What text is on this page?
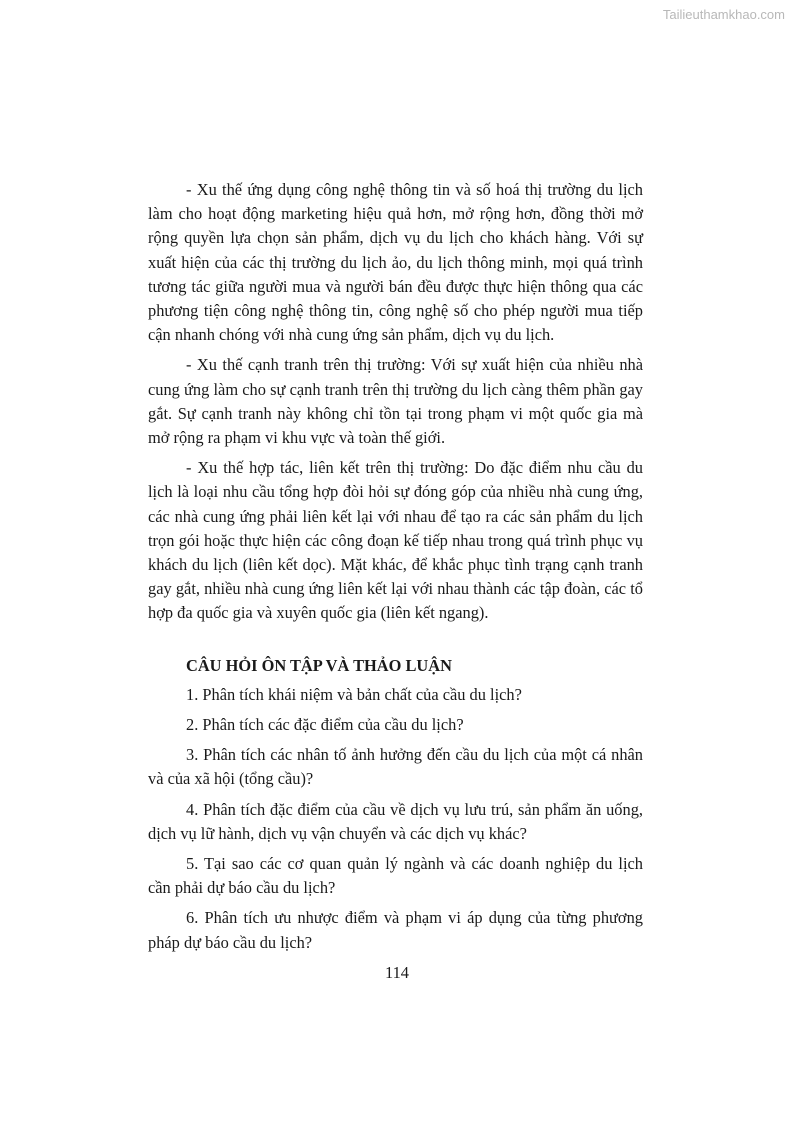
Tailieuthamkhao.com

- Xu thế ứng dụng công nghệ thông tin và số hoá thị trường du lịch làm cho hoạt động marketing hiệu quả hơn, mở rộng hơn, đồng thời mở rộng quyền lựa chọn sản phẩm, dịch vụ du lịch cho khách hàng. Với sự xuất hiện của các thị trường du lịch ảo, du lịch thông minh, mọi quá trình tương tác giữa người mua và người bán đều được thực hiện thông qua các phương tiện công nghệ thông tin, công nghệ số cho phép người mua tiếp cận nhanh chóng với nhà cung ứng sản phẩm, dịch vụ du lịch.

- Xu thế cạnh tranh trên thị trường: Với sự xuất hiện của nhiều nhà cung ứng làm cho sự cạnh tranh trên thị trường du lịch càng thêm phần gay gắt. Sự cạnh tranh này không chỉ tồn tại trong phạm vi một quốc gia mà mở rộng ra phạm vi khu vực và toàn thế giới.

- Xu thế hợp tác, liên kết trên thị trường: Do đặc điểm nhu cầu du lịch là loại nhu cầu tổng hợp đòi hỏi sự đóng góp của nhiều nhà cung ứng, các nhà cung ứng phải liên kết lại với nhau để tạo ra các sản phẩm du lịch trọn gói hoặc thực hiện các công đoạn kế tiếp nhau trong quá trình phục vụ khách du lịch (liên kết dọc). Mặt khác, để khắc phục tình trạng cạnh tranh gay gắt, nhiều nhà cung ứng liên kết lại với nhau thành các tập đoàn, các tổ hợp đa quốc gia và xuyên quốc gia (liên kết ngang).

CÂU HỎI ÔN TẬP VÀ THẢO LUẬN

1. Phân tích khái niệm và bản chất của cầu du lịch?

2. Phân tích các đặc điểm của cầu du lịch?

3. Phân tích các nhân tố ảnh hưởng đến cầu du lịch của một cá nhân và của xã hội (tổng cầu)?

4. Phân tích đặc điểm của cầu về dịch vụ lưu trú, sản phẩm ăn uống, dịch vụ lữ hành, dịch vụ vận chuyển và các dịch vụ khác?

5. Tại sao các cơ quan quản lý ngành và các doanh nghiệp du lịch cần phải dự báo cầu du lịch?

6. Phân tích ưu nhược điểm và phạm vi áp dụng của từng phương pháp dự báo cầu du lịch?

114
